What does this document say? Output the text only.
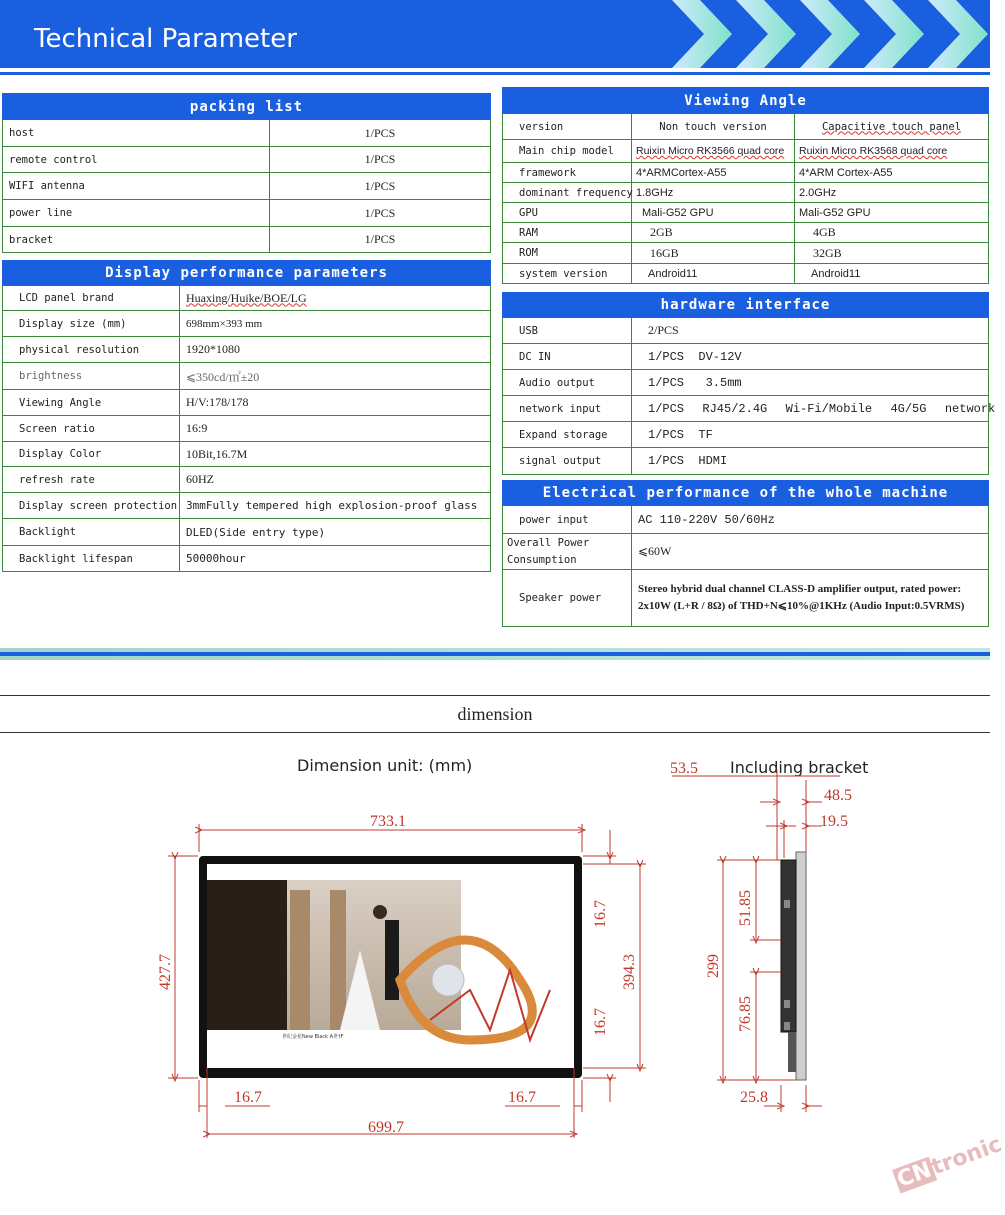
Technical Parameter
packing list	
host	1/PCS
remote control	1/PCS
WIFI antenna	1/PCS
power line	1/PCS
bracket	1/PCS
Display performance parameters	
LCD panel brand	Huaxing/Huike/BOE/LG
Display size (mm)	698mm×393 mm
physical resolution	1920*1080
brightness	⩽350cd/㎡±20
Viewing Angle	H/V:178/178
Screen ratio	16:9
Display Color	10Bit,16.7M
refresh rate	60HZ
Display screen protection	3mmFully tempered high explosion-proof glass
Backlight	DLED(Side entry type)
Backlight lifespan	50000hour
Viewing Angle		
version	Non touch version	Capacitive touch panel
Main chip model	Ruixin Micro RK3566 quad core	Ruixin Micro RK3568 quad core
framework	4*ARMCortex-A55	4*ARM Cortex-A55
dominant frequency	1.8GHz	2.0GHz
GPU	Mali-G52 GPU	Mali-G52 GPU
RAM	2GB	4GB
ROM	16GB	32GB
system version	Android11	Android11
hardware interface	
USB	2/PCS
DC IN	1/PCS  DV-12V
Audio output	1/PCS   3.5mm
network input	1/PCS  RJ45/2.4G  Wi-Fi/Mobile  4G/5G  network
Expand storage	1/PCS  TF
signal output	1/PCS  HDMI
Electrical performance of the whole machine	
power input	AC 110-220V 50/60Hz
Overall Power Consumption	⩽60W
Speaker power	Stereo hybrid dual channel CLASS-D amplifier output, rated power: 2x10W (L+R / 8Ω) of THD+N⩽10%@1KHz (Audio Input:0.5VRMS)
dimension
Dimension unit: (mm)	53.5 Including bracket
世纪金花New Black A世†F
733.1
427.7
16.7
394.3
16.7
16.7	16.7
699.7
48.5
19.5
299
51.85
76.85
25.8
CNtronic
